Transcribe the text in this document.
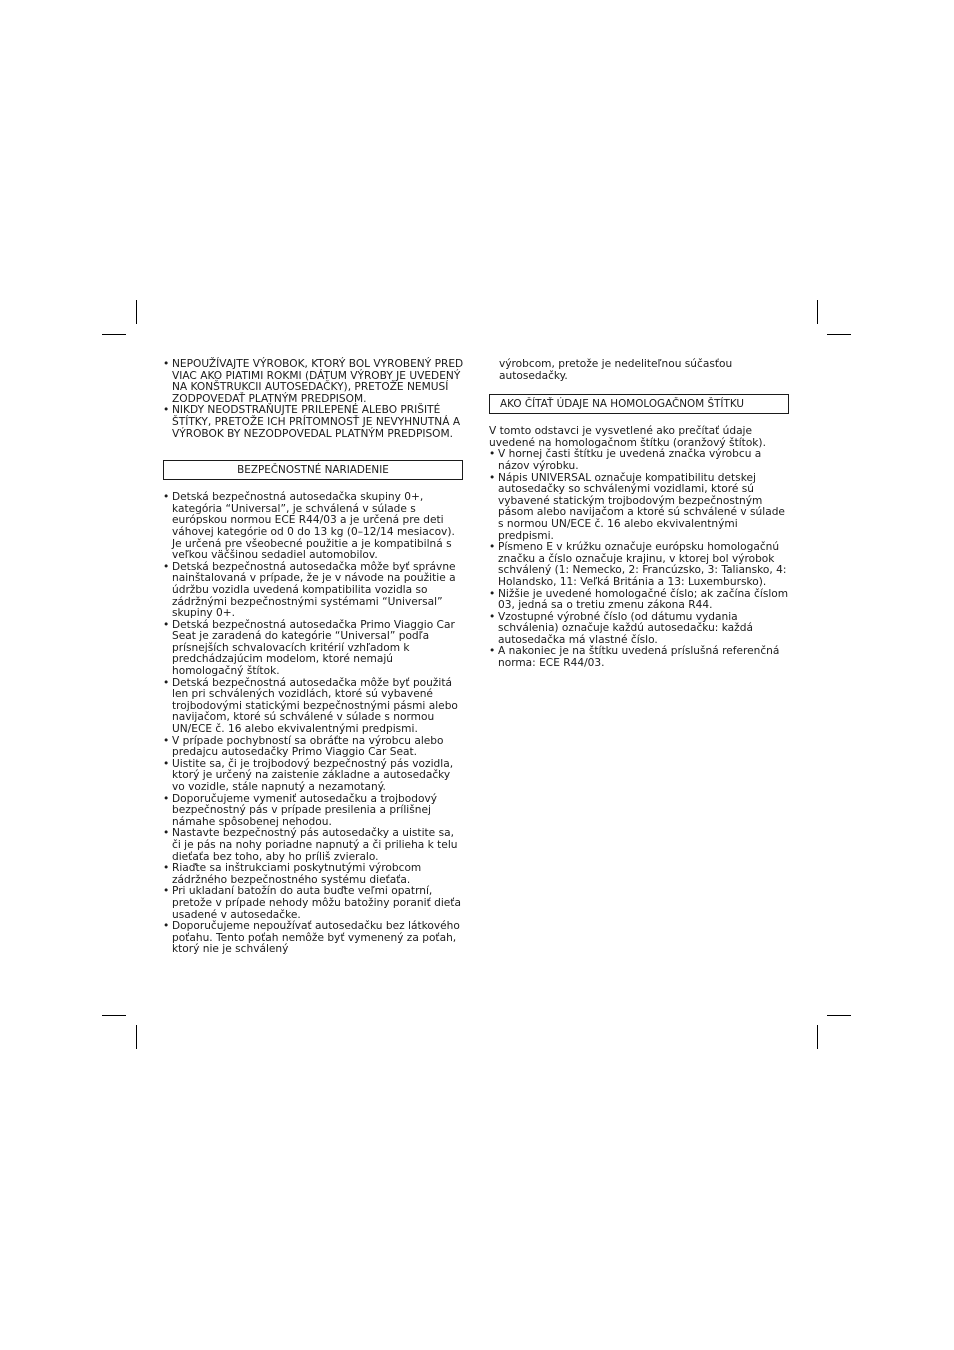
• NEPOUŽÍVAJTE VÝROBOK, KTORÝ BOL VYROBENÝ PRED VIAC AKO PIATIMI ROKMI (DÁTUM VÝROBY JE UVEDENÝ NA KONŠTRUKCII AUTOSEDAČKY), PRETOŽE NEMUSÍ ZODPOVEDAŤ PLATNÝM PREDPISOM.
• NIKDY NEODSTRAŇUJTE PRILEPENÉ ALEBO PRIŠITÉ ŠTÍTKY, PRETOŽE ICH PRÍTOMNOSŤ JE NEVYHNUTNÁ A VÝROBOK BY NEZODPOVEDAL PLATNÝM PREDPISOM.
BEZPEČNOSTNÉ NARIADENIE
• Detská bezpečnostná autosedačka skupiny 0+, kategória “Universal”, je schválená v súlade s európskou normou ECE R44/03 a je určená pre deti váhovej kategórie od 0 do 13 kg (0–12/14 mesiacov). Je určená pre všeobecné použitie a je kompatibilná s veľkou väčšinou sedadiel automobilov.
• Detská bezpečnostná autosedačka môže byť správne nainštalovaná v prípade, že je v návode na použitie a údržbu vozidla uvedená kompatibilita vozidla so zádržnými bezpečnostnými systémami “Universal” skupiny 0+.
• Detská bezpečnostná autosedačka Primo Viaggio Car Seat je zaradená do kategórie “Universal” podľa prísnejších schvalovacích kritérií vzhľadom k predchádzajúcim modelom, ktoré nemajú homologačný štítok.
• Detská bezpečnostná autosedačka môže byť použitá len pri schválených vozidlách, ktoré sú vybavené trojbodovými statickými bezpečnostnými pásmi alebo navijačom, ktoré sú schválené v súlade s normou UN/ECE č. 16 alebo ekvivalentnými predpismi.
• V prípade pochybností sa obráťte na výrobcu alebo predajcu autosedačky Primo Viaggio Car Seat.
• Uistite sa, či je trojbodový bezpečnostný pás vozidla, ktorý je určený na zaistenie základne a autosedačky vo vozidle, stále napnutý a nezamotaný.
• Doporučujeme vymeniť autosedačku a trojbodový bezpečnostný pás v prípade presilenia a prílišnej námahe spôsobenej nehodou.
• Nastavte bezpečnostný pás autosedačky a uistite sa, či je pás na nohy poriadne napnutý a či prilieha k telu dieťaťa bez toho, aby ho príliš zvieralo.
• Riaďte sa inštrukciami poskytnutými výrobcom zádržného bezpečnostného systému dieťaťa.
• Pri ukladaní batožín do auta buďte veľmi opatrní, pretože v prípade nehody môžu batožiny poraniť dieťa usadené v autosedačke.
• Doporučujeme nepoužívať autosedačku bez látkového poťahu. Tento poťah nemôže byť vymenený za poťah, ktorý nie je schválený
výrobcom, pretože je nedeliteľnou súčasťou autosedačky.
AKO ČÍTAŤ ÚDAJE NA HOMOLOGAČNOM ŠTÍTKU

V tomto odstavci je vysvetlené ako prečítať údaje uvedené na homologačnom štítku (oranžový štítok).

• V hornej časti štítku je uvedená značka výrobcu a názov výrobku.
• Nápis UNIVERSAL označuje kompatibilitu detskej autosedačky so schválenými vozidlami, ktoré sú vybavené statickým trojbodovým bezpečnostným pásom alebo navijačom a ktoré sú schválené v súlade s normou UN/ECE č. 16 alebo ekvivalentnými predpismi.
• Písmeno E v krúžku označuje európsku homologačnú značku a číslo označuje krajinu, v ktorej bol výrobok schválený (1: Nemecko, 2: Francúzsko, 3: Taliansko, 4: Holandsko, 11: Veľká Británia a 13: Luxembursko).
• Nižšie je uvedené homologačné číslo; ak začína číslom 03, jedná sa o tretiu zmenu zákona R44.
• Vzostupné výrobné číslo (od dátumu vydania schválenia) označuje každú autosedačku: každá autosedačka má vlastné číslo.
• A nakoniec je na štítku uvedená príslušná referenčná norma: ECE R44/03.
